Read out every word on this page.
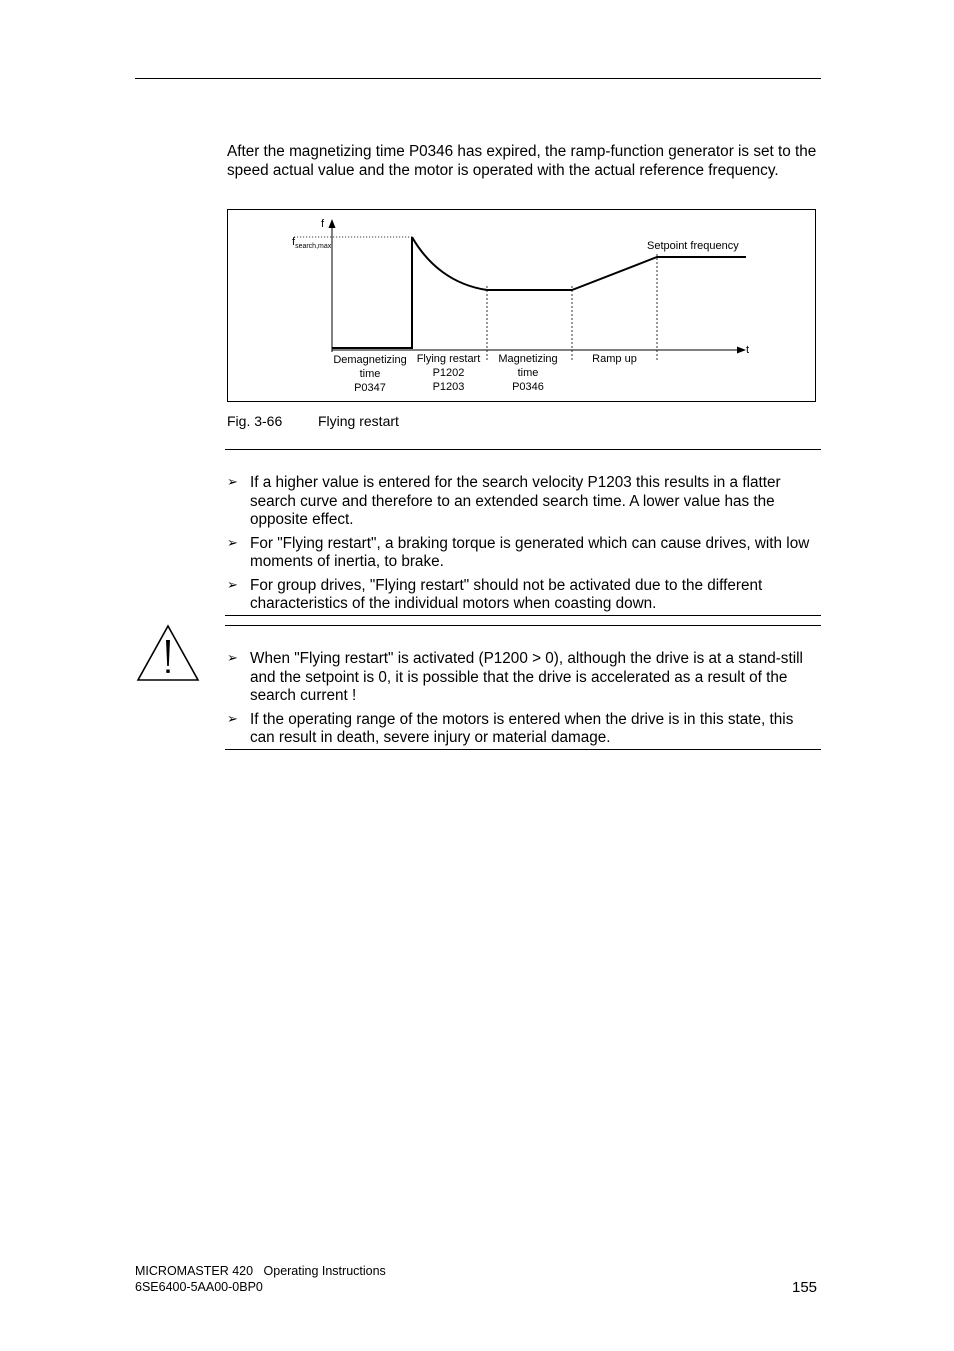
After the magnetizing time P0346 has expired, the ramp-function generator is set to the speed actual value and the motor is operated with the actual reference frequency.
f
$f_{search,max}$
t
Setpoint frequency
Demagnetizing
time
P0347
Flying restart
P1202
P1203
Magnetizing
time
P0346
Ramp up
Fig. 3-66	Flying restart
➢ If a higher value is entered for the search velocity P1203 this results in a flatter search curve and therefore to an extended search time. A lower value has the opposite effect.
➢ For "Flying restart", a braking torque is generated which can cause drives, with low moments of inertia, to brake.
➢ For group drives, "Flying restart" should not be activated due to the different characteristics of the individual motors when coasting down.
➢ When "Flying restart" is activated (P1200 > 0), although the drive is at a stand-still and the setpoint is 0, it is possible that the drive is accelerated as a result of the search current !
➢ If the operating range of the motors is entered when the drive is in this state, this can result in death, severe injury or material damage.
MICROMASTER 420 Operating Instructions
6SE6400-5AA00-0BP0	155
